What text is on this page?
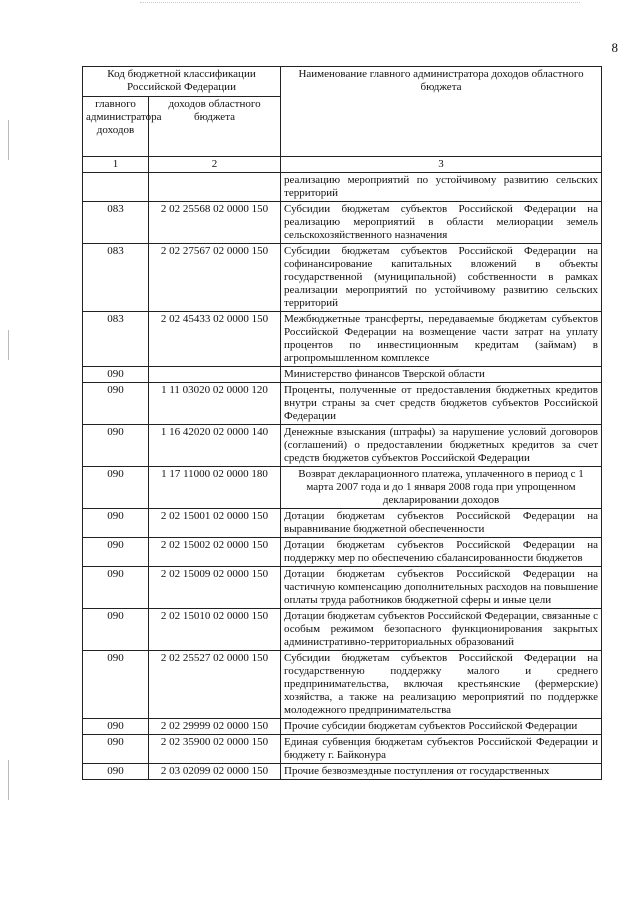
8
Код бюджетной классификации Российской Федерации		Наименование главного администратора доходов областного бюджета
главного администратора доходов	доходов областного бюджета	
1	2	3
		реализацию мероприятий по устойчивому развитию сельских территорий
083	2 02 25568 02 0000 150	Субсидии бюджетам субъектов Российской Федерации на реализацию мероприятий в области мелиорации земель сельскохозяйственного назначения
083	2 02 27567 02 0000 150	Субсидии бюджетам субъектов Российской Федерации на софинансирование капитальных вложений в объекты государственной (муниципальной) собственности в рамках реализации мероприятий по устойчивому развитию сельских территорий
083	2 02 45433 02 0000 150	Межбюджетные трансферты, передаваемые бюджетам субъектов Российской Федерации на возмещение части затрат на уплату процентов по инвестиционным кредитам (займам) в агропромышленном комплексе
090		Министерство финансов Тверской области
090	1 11 03020 02 0000 120	Проценты, полученные от предоставления бюджетных кредитов внутри страны за счет средств бюджетов субъектов Российской Федерации
090	1 16 42020 02 0000 140	Денежные взыскания (штрафы) за нарушение условий договоров (соглашений) о предоставлении бюджетных кредитов за счет средств бюджетов субъектов Российской Федерации
090	1 17 11000 02 0000 180	Возврат декларационного платежа, уплаченного в период с 1 марта 2007 года и до 1 января 2008 года при упрощенном декларировании доходов
090	2 02 15001 02 0000 150	Дотации бюджетам субъектов Российской Федерации на выравнивание бюджетной обеспеченности
090	2 02 15002 02 0000 150	Дотации бюджетам субъектов Российской Федерации на поддержку мер по обеспечению сбалансированности бюджетов
090	2 02 15009 02 0000 150	Дотации бюджетам субъектов Российской Федерации на частичную компенсацию дополнительных расходов на повышение оплаты труда работников бюджетной сферы и иные цели
090	2 02 15010 02 0000 150	Дотации бюджетам субъектов Российской Федерации, связанные с особым режимом безопасного функционирования закрытых административно-территориальных образований
090	2 02 25527 02 0000 150	Субсидии бюджетам субъектов Российской Федерации на государственную поддержку малого и среднего предпринимательства, включая крестьянские (фермерские) хозяйства, а также на реализацию мероприятий по поддержке молодежного предпринимательства
090	2 02 29999 02 0000 150	Прочие субсидии бюджетам субъектов Российской Федерации
090	2 02 35900 02 0000 150	Единая субвенция бюджетам субъектов Российской Федерации и бюджету г. Байконура
090	2 03 02099 02 0000 150	Прочие безвозмездные поступления от государственных
